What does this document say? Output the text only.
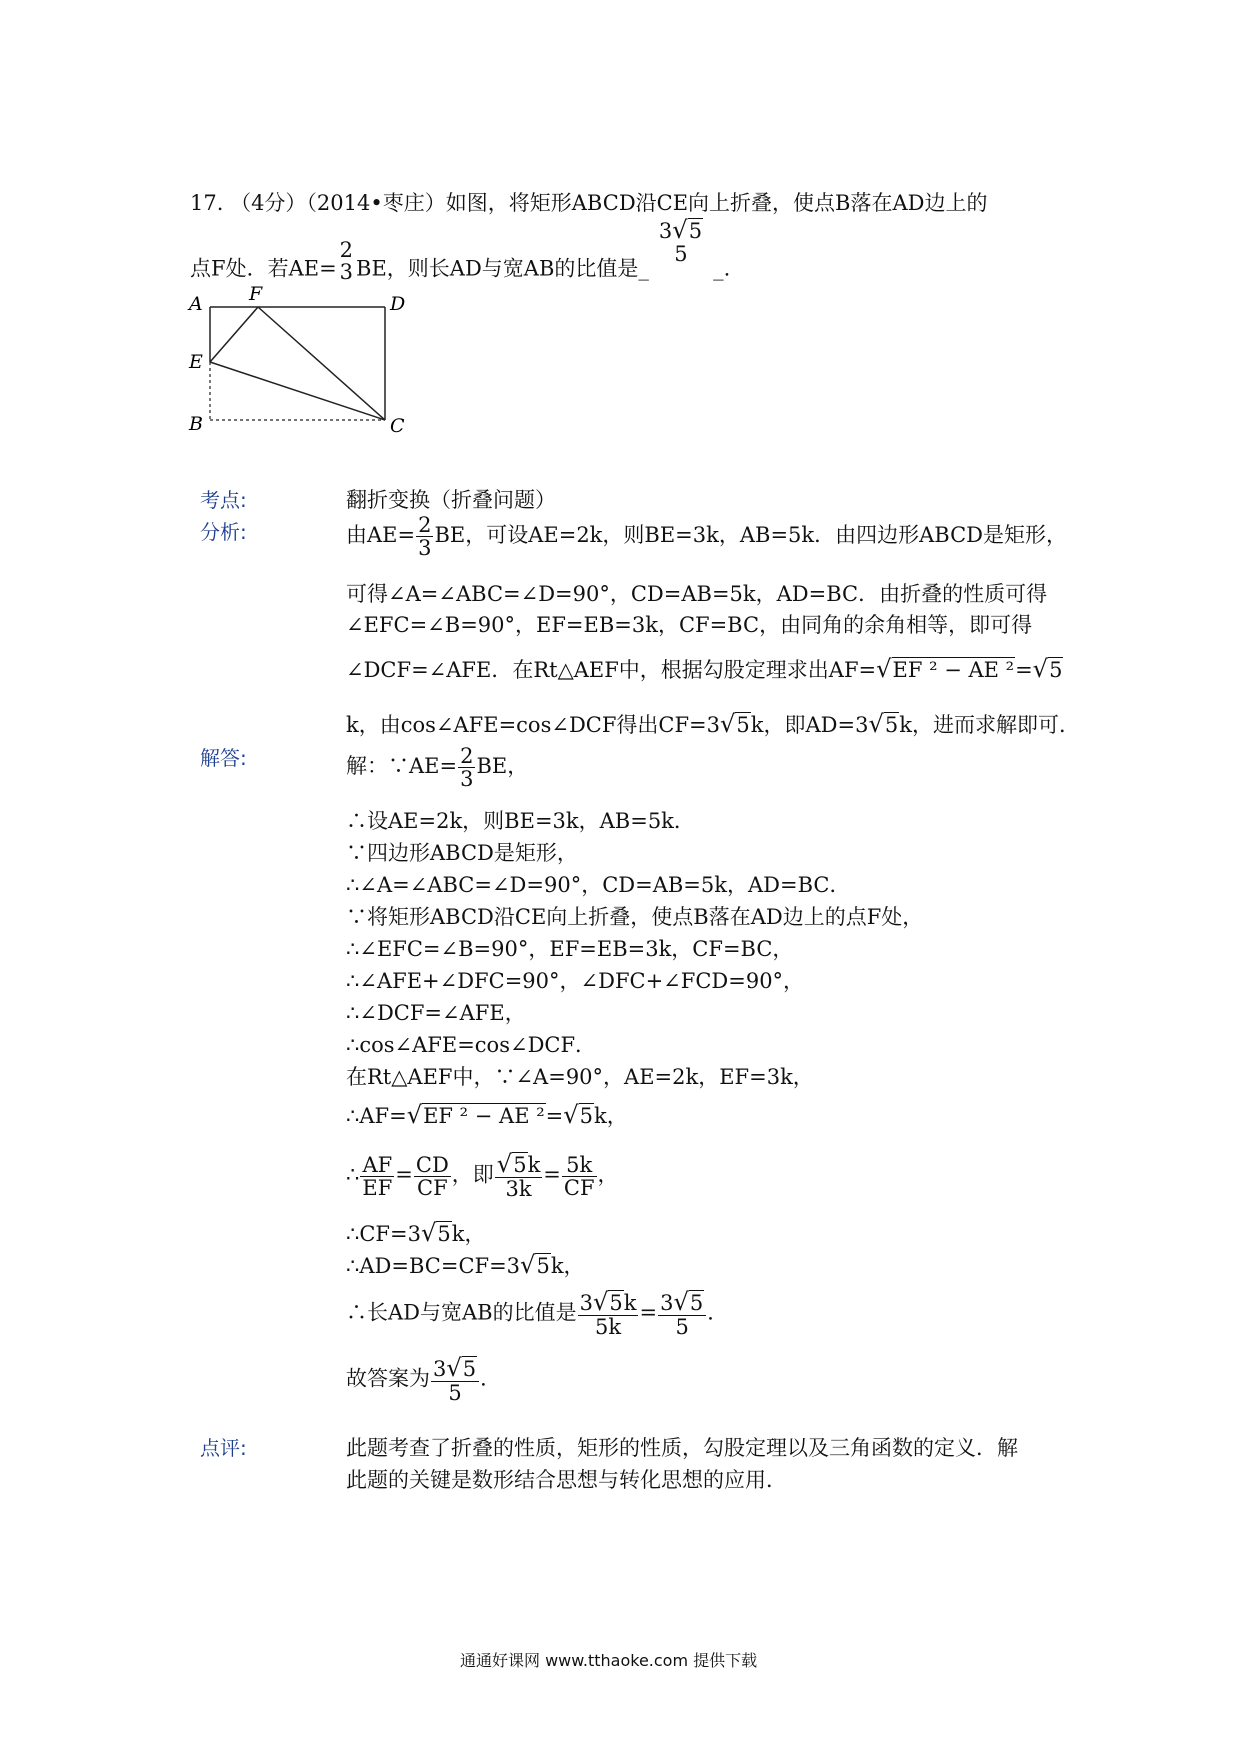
17. （4分）（2014•枣庄）如图，将矩形ABCD沿CE向上折叠，使点B落在AD边上的
点F处．若AE=
2
3 BE，则长AD与宽AB的比值是_
3√5
5
_.
A F	D
E
B	C
考点:
分析:
解答:
点评:
翻折变换（折叠问题）
由$AE= \frac{2}{3}$ BE，可设AE=2k，则BE=3k，AB=5k．由四边形ABCD是矩形，
可得∠A=∠ABC=∠D=90°，CD=AB=5k，AD=BC．由折叠的性质可得
∠EFC=∠B=90°，EF=EB=3k，CF=BC，由同角的余角相等，即可得
∠DCF=∠AFE．在Rt△AEF中，根据勾股定理求出AF=√EF ² − AE ²=√5
k，由cos∠AFE=cos∠DCF得出CF=3√5k，即AD=3√5k，进而求解即可．
解：∵AE= $\frac{2}{3}$ BE，
∴设AE=2k，则BE=3k，AB=5k．
∵四边形ABCD是矩形，
∴∠A=∠ABC=∠D=90°，CD=AB=5k，AD=BC．
∵将矩形ABCD沿CE向上折叠，使点B落在AD边上的点F处，
∴∠EFC=∠B=90°，EF=EB=3k，CF=BC，
∴∠AFE+∠DFC=90°，∠DFC+∠FCD=90°，
∴∠DCF=∠AFE，
∴cos∠AFE=cos∠DCF．
在Rt△AEF中，∵∠A=90°，AE=2k，EF=3k，
∴AF=√EF ² − AE ²=√5k，
∴ $\frac{AF}{EF} = \frac{CD}{CF}$ ，即 $\frac{√5k}{3k} = \frac{5k}{CF}$ ，
∴CF=3√5k，
∴AD=BC=CF=3√5k，
∴长AD与宽AB的比值是 $\frac{3√5k}{5k} = \frac{3√5}{5}$ ．
故答案为 $\frac{3√5}{5}$ ．
此题考查了折叠的性质，矩形的性质，勾股定理以及三角函数的定义．解
此题的关键是数形结合思想与转化思想的应用．
通通好课网 www.tthaoke.com 提供下载
